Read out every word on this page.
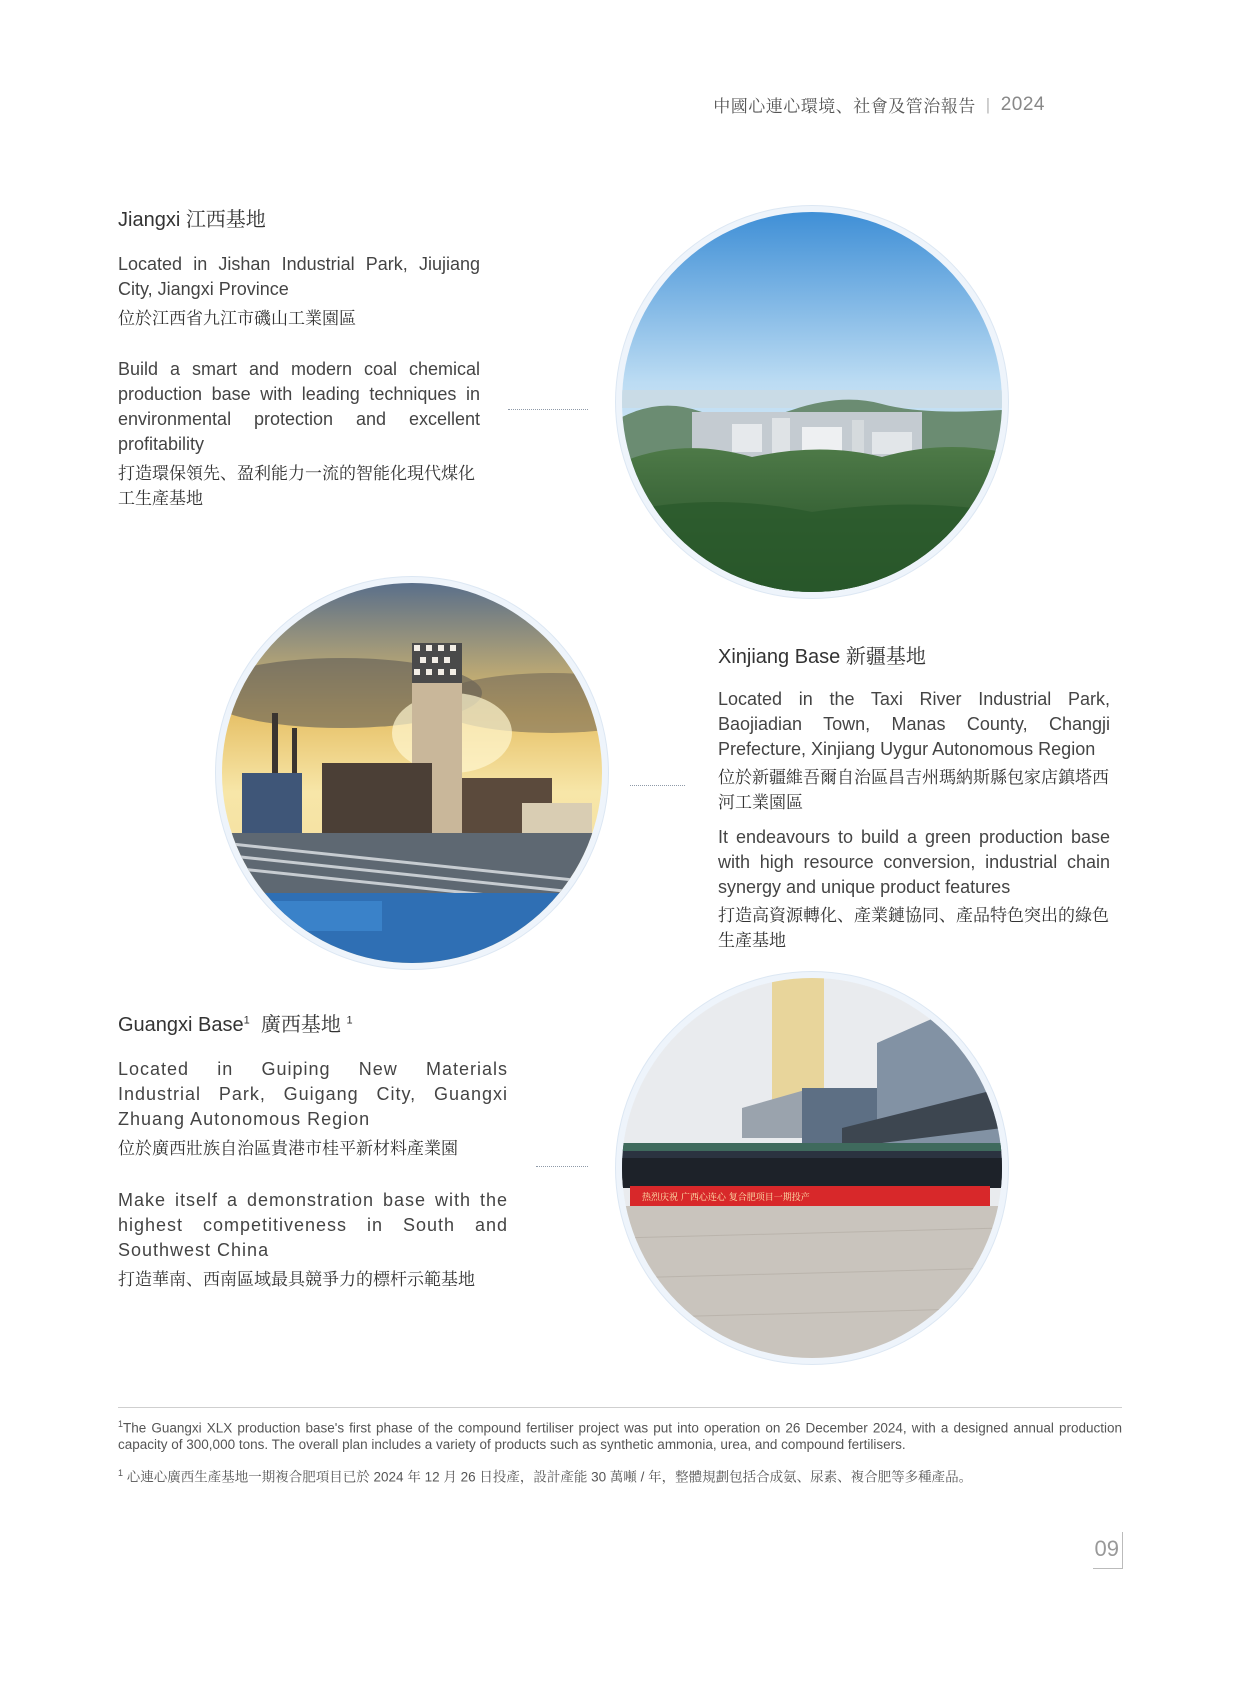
中國心連心環境、社會及管治報告 | 2024
Jiangxi 江西基地
Located in Jishan Industrial Park, Jiujiang City, Jiangxi Province
位於江西省九江市磯山工業園區
Build a smart and modern coal chemical production base with leading techniques in environmental protection and excellent profitability
打造環保領先、盈利能力一流的智能化現代煤化工生產基地
Xinjiang Base 新疆基地
Located in the Taxi River Industrial Park, Baojiadian Town, Manas County, Changji Prefecture, Xinjiang Uygur Autonomous Region
位於新疆維吾爾自治區昌吉州瑪納斯縣包家店鎮塔西河工業園區
It endeavours to build a green production base with high resource conversion, industrial chain synergy and unique product features
打造高資源轉化、產業鏈協同、產品特色突出的綠色生產基地
Guangxi Base$^1$ 廣西基地 $^1$
Located in Guiping New Materials Industrial Park, Guigang City, Guangxi Zhuang Autonomous Region
位於廣西壯族自治區貴港市桂平新材料產業園
Make itself a demonstration base with the highest competitiveness in South and Southwest China
打造華南、西南區域最具競爭力的標杆示範基地
热烈庆祝 广西心连心 复合肥项目一期投产
$^1$The Guangxi XLX production base's first phase of the compound fertiliser project was put into operation on 26 December 2024, with a designed annual production capacity of 300,000 tons. The overall plan includes a variety of products such as synthetic ammonia, urea, and compound fertilisers.
$^1$ 心連心廣西生產基地一期複合肥項目已於 2024 年 12 月 26 日投產，設計產能 30 萬噸 / 年，整體規劃包括合成氨、尿素、複合肥等多種產品。
09
